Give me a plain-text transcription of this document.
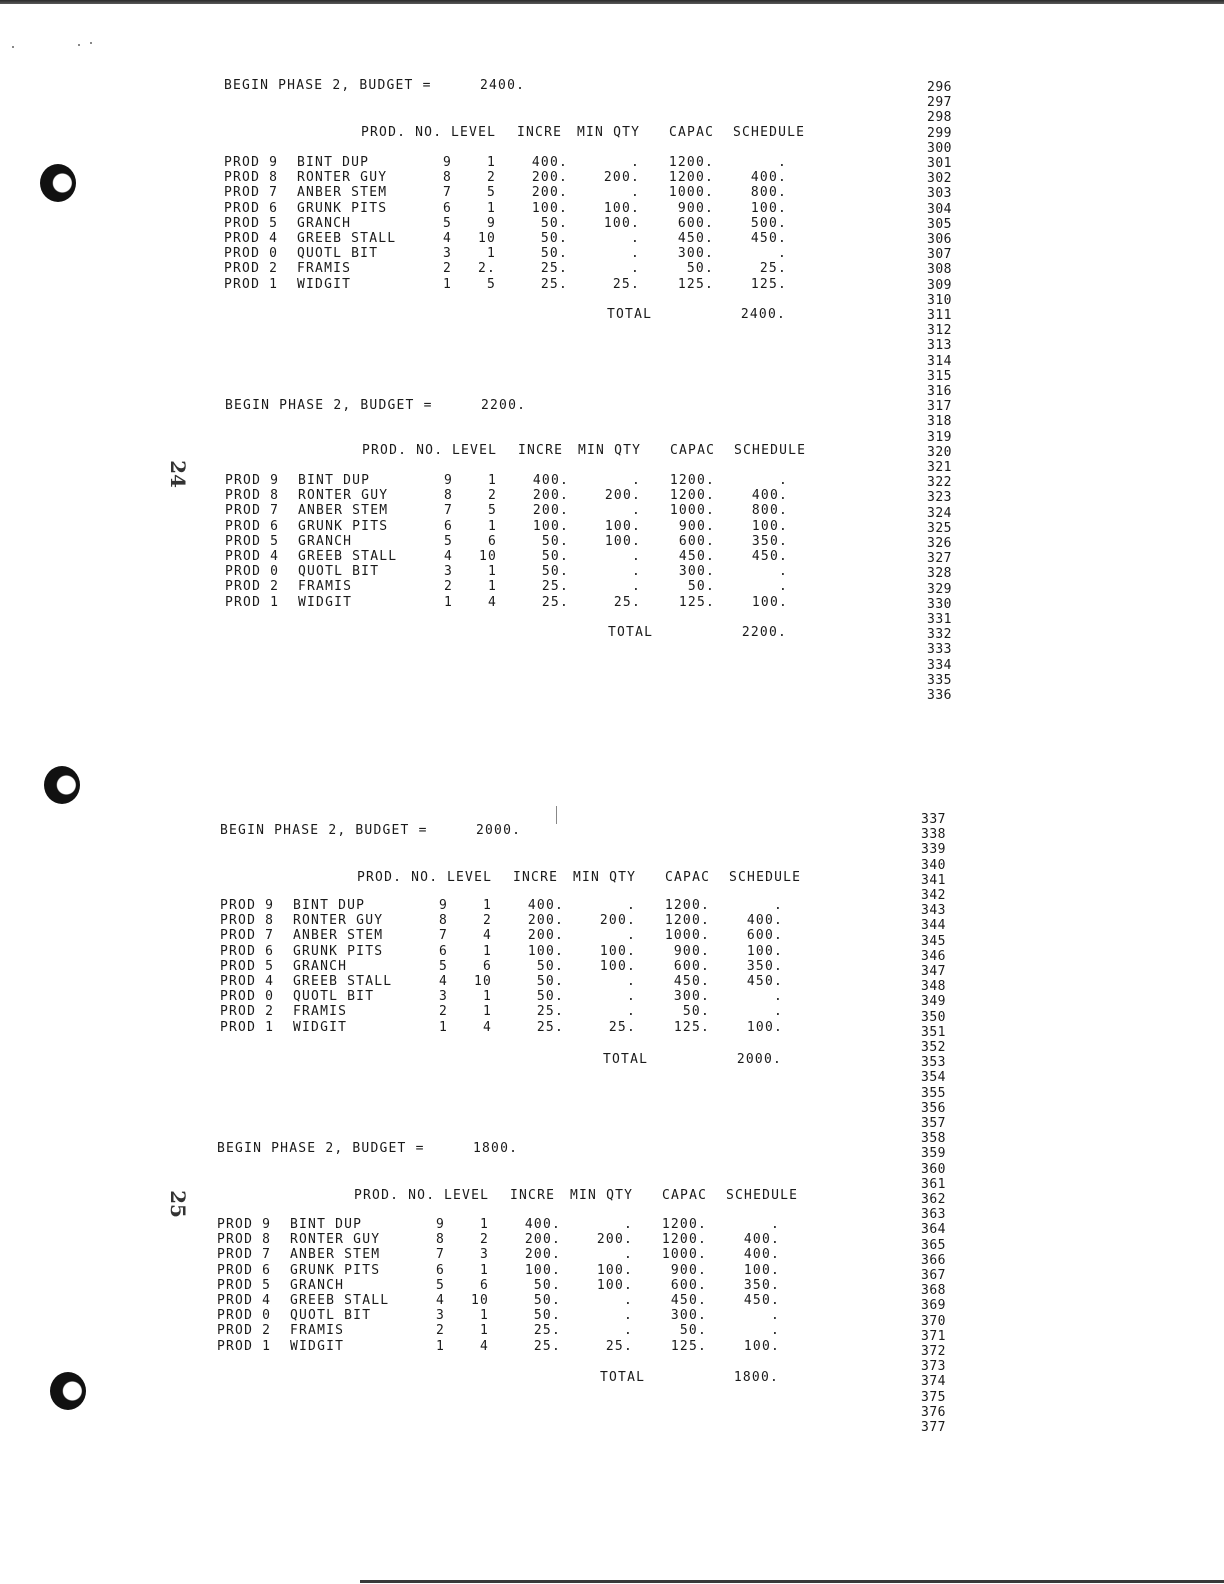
24
25
BEGIN PHASE 2, BUDGET =	2400.
PROD. NO. LEVEL INCRE MIN QTY CAPAC SCHEDULE
PROD 9 BINT DUP	9	1	400.	.	1200.	.
PROD 8 RONTER GUY	8	2	200.	200.	1200.	400.
PROD 7 ANBER STEM	7	5	200.	.	1000.	800.
PROD 6 GRUNK PITS	6	1	100.	100.	900.	100.
PROD 5 GRANCH	5	9	50.	100.	600.	500.
PROD 4 GREEB STALL	4	10	50.	.	450.	450.
PROD 0 QUOTL BIT	3	1	50.	.	300.	.
PROD 2 FRAMIS	2	2.	25.	.	50.	25.
PROD 1 WIDGIT	1	5	25.	25.	125.	125.
TOTAL	2400.
296
297
298
299
300
301
302
303
304
305
306
307
308
309
310
311
312
313
314
315
316
317
318
319
320
321
322
323
324
325
326
327
328
329
330
331
332
333
334
335
336
BEGIN PHASE 2, BUDGET =	2200.
PROD. NO. LEVEL INCRE MIN QTY CAPAC SCHEDULE
PROD 9 BINT DUP	9	1	400.	.	1200.	.
PROD 8 RONTER GUY	8	2	200.	200.	1200.	400.
PROD 7 ANBER STEM	7	5	200.	.	1000.	800.
PROD 6 GRUNK PITS	6	1	100.	100.	900.	100.
PROD 5 GRANCH	5	6	50.	100.	600.	350.
PROD 4 GREEB STALL	4	10	50.	.	450.	450.
PROD 0 QUOTL BIT	3	1	50.	.	300.	.
PROD 2 FRAMIS	2	1	25.	.	50.	.
PROD 1 WIDGIT	1	4	25.	25.	125.	100.
TOTAL	2200.
BEGIN PHASE 2, BUDGET =	2000.
PROD. NO. LEVEL INCRE MIN QTY CAPAC SCHEDULE
PROD 9 BINT DUP	9	1	400.	.	1200.	.
PROD 8 RONTER GUY	8	2	200.	200.	1200.	400.
PROD 7 ANBER STEM	7	4	200.	.	1000.	600.
PROD 6 GRUNK PITS	6	1	100.	100.	900.	100.
PROD 5 GRANCH	5	6	50.	100.	600.	350.
PROD 4 GREEB STALL	4	10	50.	.	450.	450.
PROD 0 QUOTL BIT	3	1	50.	.	300.	.
PROD 2 FRAMIS	2	1	25.	.	50.	.
PROD 1 WIDGIT	1	4	25.	25.	125.	100.
TOTAL	2000.
337
338
339
340
341
342
343
344
345
346
347
348
349
350
351
352
353
354
355
356
357
358
359
360
361
362
363
364
365
366
367
368
369
370
371
372
373
374
375
376
377
BEGIN PHASE 2, BUDGET =	1800.
PROD. NO. LEVEL INCRE MIN QTY CAPAC SCHEDULE
PROD 9 BINT DUP	9	1	400.	.	1200.	.
PROD 8 RONTER GUY	8	2	200.	200.	1200.	400.
PROD 7 ANBER STEM	7	3	200.	.	1000.	400.
PROD 6 GRUNK PITS	6	1	100.	100.	900.	100.
PROD 5 GRANCH	5	6	50.	100.	600.	350.
PROD 4 GREEB STALL	4	10	50.	.	450.	450.
PROD 0 QUOTL BIT	3	1	50.	.	300.	.
PROD 2 FRAMIS	2	1	25.	.	50.	.
PROD 1 WIDGIT	1	4	25.	25.	125.	100.
TOTAL	1800.
